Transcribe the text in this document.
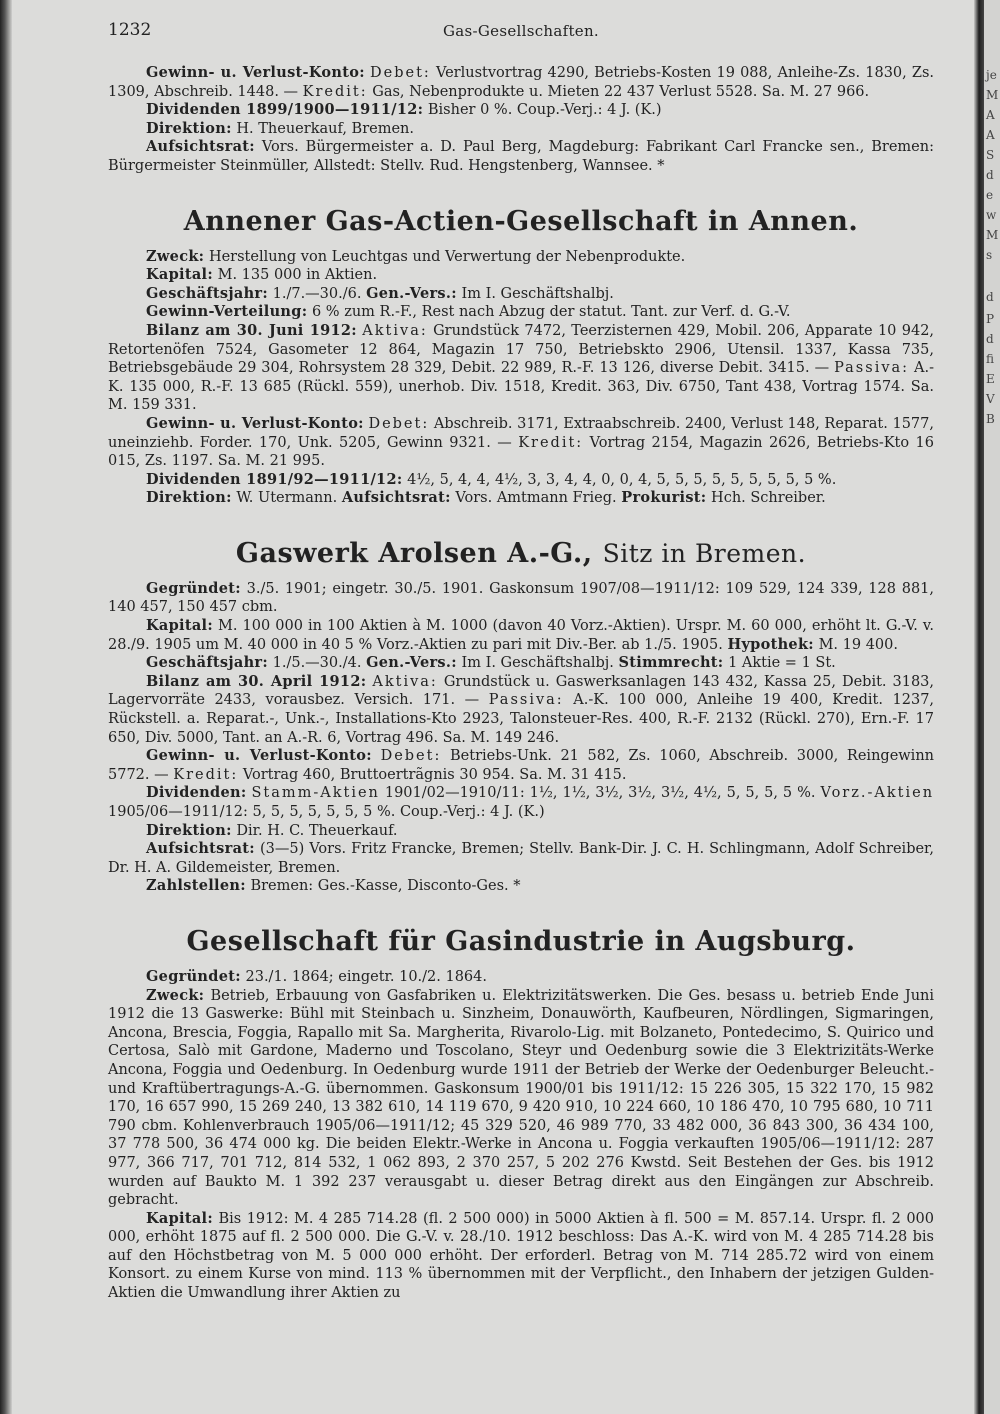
je
M
A
A
S
d
e
w
M
s
d
P
d
fi
E
V
B
1232	Gas-Gesellschaften.

Gewinn- u. Verlust-Konto: Debet: Verlustvortrag 4290, Betriebs-Kosten 19 088, Anleihe-Zs. 1830, Zs. 1309, Abschreib. 1448. — Kredit: Gas, Nebenprodukte u. Mieten 22 437 Verlust 5528. Sa. M. 27 966.

Dividenden 1899/1900—1911/12: Bisher 0 %. Coup.-Verj.: 4 J. (K.)

Direktion: H. Theuerkauf, Bremen.

Aufsichtsrat: Vors. Bürgermeister a. D. Paul Berg, Magdeburg: Fabrikant Carl Francke sen., Bremen: Bürgermeister Steinmüller, Allstedt: Stellv. Rud. Hengstenberg, Wannsee. *

Annener Gas-Actien-Gesellschaft in Annen.

Zweck: Herstellung von Leuchtgas und Verwertung der Nebenprodukte.

Kapital: M. 135 000 in Aktien.

Geschäftsjahr: 1./7.—30./6. Gen.-Vers.: Im I. Geschäftshalbj.

Gewinn-Verteilung: 6 % zum R.-F., Rest nach Abzug der statut. Tant. zur Verf. d. G.-V.

Bilanz am 30. Juni 1912: Aktiva: Grundstück 7472, Teerzisternen 429, Mobil. 206, Apparate 10 942, Retortenöfen 7524, Gasometer 12 864, Magazin 17 750, Betriebskto 2906, Utensil. 1337, Kassa 735, Betriebsgebäude 29 304, Rohrsystem 28 329, Debit. 22 989, R.-F. 13 126, diverse Debit. 3415. — Passiva: A.-K. 135 000, R.-F. 13 685 (Rückl. 559), unerhob. Div. 1518, Kredit. 363, Div. 6750, Tant 438, Vortrag 1574. Sa. M. 159 331.

Gewinn- u. Verlust-Konto: Debet: Abschreib. 3171, Extraabschreib. 2400, Verlust 148, Reparat. 1577, uneinziehb. Forder. 170, Unk. 5205, Gewinn 9321. — Kredit: Vortrag 2154, Magazin 2626, Betriebs-Kto 16 015, Zs. 1197. Sa. M. 21 995.

Dividenden 1891/92—1911/12: 4½, 5, 4, 4, 4½, 3, 3, 4, 4, 0, 0, 4, 5, 5, 5, 5, 5, 5, 5, 5, 5 %.

Direktion: W. Utermann. Aufsichtsrat: Vors. Amtmann Frieg. Prokurist: Hch. Schreiber.

Gaswerk Arolsen A.-G., Sitz in Bremen.

Gegründet: 3./5. 1901; eingetr. 30./5. 1901. Gaskonsum 1907/08—1911/12: 109 529, 124 339, 128 881, 140 457, 150 457 cbm.

Kapital: M. 100 000 in 100 Aktien à M. 1000 (davon 40 Vorz.-Aktien). Urspr. M. 60 000, erhöht lt. G.-V. v. 28./9. 1905 um M. 40 000 in 40 5 % Vorz.-Aktien zu pari mit Div.-Ber. ab 1./5. 1905. Hypothek: M. 19 400.

Geschäftsjahr: 1./5.—30./4. Gen.-Vers.: Im I. Geschäftshalbj. Stimmrecht: 1 Aktie = 1 St.

Bilanz am 30. April 1912: Aktiva: Grundstück u. Gaswerksanlagen 143 432, Kassa 25, Debit. 3183, Lagervorräte 2433, vorausbez. Versich. 171. — Passiva: A.-K. 100 000, Anleihe 19 400, Kredit. 1237, Rückstell. a. Reparat.-, Unk.-, Installations-Kto 2923, Talonsteuer-Res. 400, R.-F. 2132 (Rückl. 270), Ern.-F. 17 650, Div. 5000, Tant. an A.-R. 6, Vortrag 496. Sa. M. 149 246.

Gewinn- u. Verlust-Konto: Debet: Betriebs-Unk. 21 582, Zs. 1060, Abschreib. 3000, Reingewinn 5772. — Kredit: Vortrag 460, Bruttoertrãgnis 30 954. Sa. M. 31 415.

Dividenden: Stamm-Aktien 1901/02—1910/11: 1½, 1½, 3½, 3½, 3½, 4½, 5, 5, 5, 5 %. Vorz.-Aktien 1905/06—1911/12: 5, 5, 5, 5, 5, 5, 5 %. Coup.-Verj.: 4 J. (K.)

Direktion: Dir. H. C. Theuerkauf.

Aufsichtsrat: (3—5) Vors. Fritz Francke, Bremen; Stellv. Bank-Dir. J. C. H. Schlingmann, Adolf Schreiber, Dr. H. A. Gildemeister, Bremen.

Zahlstellen: Bremen: Ges.-Kasse, Disconto-Ges. *

Gesellschaft für Gasindustrie in Augsburg.

Gegründet: 23./1. 1864; eingetr. 10./2. 1864.

Zweck: Betrieb, Erbauung von Gasfabriken u. Elektrizitätswerken. Die Ges. besass u. betrieb Ende Juni 1912 die 13 Gaswerke: Bühl mit Steinbach u. Sinzheim, Donauwörth, Kaufbeuren, Nördlingen, Sigmaringen, Ancona, Brescia, Foggia, Rapallo mit Sa. Margherita, Rivarolo-Lig. mit Bolzaneto, Pontedecimo, S. Quirico und Certosa, Salò mit Gardone, Maderno und Toscolano, Steyr und Oedenburg sowie die 3 Elektrizitäts-Werke Ancona, Foggia und Oedenburg. In Oedenburg wurde 1911 der Betrieb der Werke der Oedenburger Beleucht.- und Kraftübertragungs-A.-G. übernommen. Gaskonsum 1900/01 bis 1911/12: 15 226 305, 15 322 170, 15 982 170, 16 657 990, 15 269 240, 13 382 610, 14 119 670, 9 420 910, 10 224 660, 10 186 470, 10 795 680, 10 711 790 cbm. Kohlenverbrauch 1905/06—1911/12; 45 329 520, 46 989 770, 33 482 000, 36 843 300, 36 434 100, 37 778 500, 36 474 000 kg. Die beiden Elektr.-Werke in Ancona u. Foggia verkauften 1905/06—1911/12: 287 977, 366 717, 701 712, 814 532, 1 062 893, 2 370 257, 5 202 276 Kwstd. Seit Bestehen der Ges. bis 1912 wurden auf Baukto M. 1 392 237 verausgabt u. dieser Betrag direkt aus den Eingängen zur Abschreib. gebracht.

Kapital: Bis 1912: M. 4 285 714.28 (fl. 2 500 000) in 5000 Aktien à fl. 500 = M. 857.14. Urspr. fl. 2 000 000, erhöht 1875 auf fl. 2 500 000. Die G.-V. v. 28./10. 1912 beschloss: Das A.-K. wird von M. 4 285 714.28 bis auf den Höchstbetrag von M. 5 000 000 erhöht. Der erforderl. Betrag von M. 714 285.72 wird von einem Konsort. zu einem Kurse von mind. 113 % übernommen mit der Verpflicht., den Inhabern der jetzigen Gulden-Aktien die Umwandlung ihrer Aktien zu
